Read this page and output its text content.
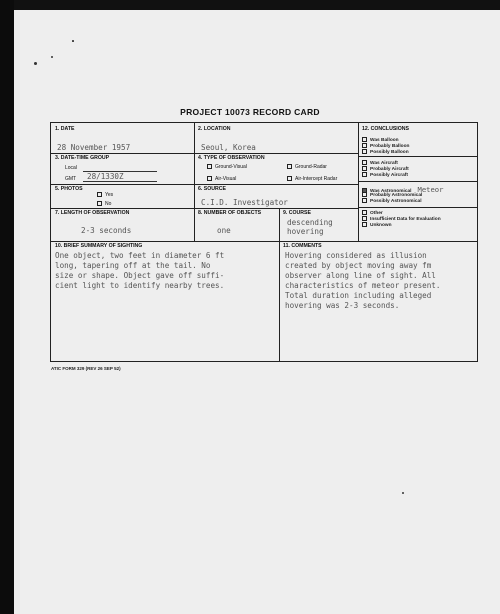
PROJECT 10073 RECORD CARD
1. DATE
28 November 1957
2. LOCATION
Seoul, Korea
3. DATE-TIME GROUP
Local
GMT 28/1330Z
4. TYPE OF OBSERVATION
Ground-Visual	Ground-Radar
Air-Visual	Air-Intercept Radar
5. PHOTOS
Yes
No
6. SOURCE
C.I.D. Investigator
7. LENGTH OF OBSERVATION
2-3 seconds
8. NUMBER OF OBJECTS
one
9. COURSE
descending
hovering
10. BRIEF SUMMARY OF SIGHTING
One object, two feet in diameter 6 ft
long, tapering off at the tail. No
size or shape. Object gave off suffi-
cient light to identify nearby trees.
11. COMMENTS
Hovering considered as illusion
created by object moving away fm
observer along line of sight. All
characteristics of meteor present.
Total duration including alleged
hovering was 2-3 seconds.
12. CONCLUSIONS
Was Balloon
Probably Balloon
Possibly Balloon
Was Aircraft
Probably Aircraft
Possibly Aircraft
Was Astronomical Meteor
Probably Astronomical
Possibly Astronomical
Other
Insufficient Data for Evaluation
Unknown
ATIC FORM 329 (REV 26 SEP 52)
